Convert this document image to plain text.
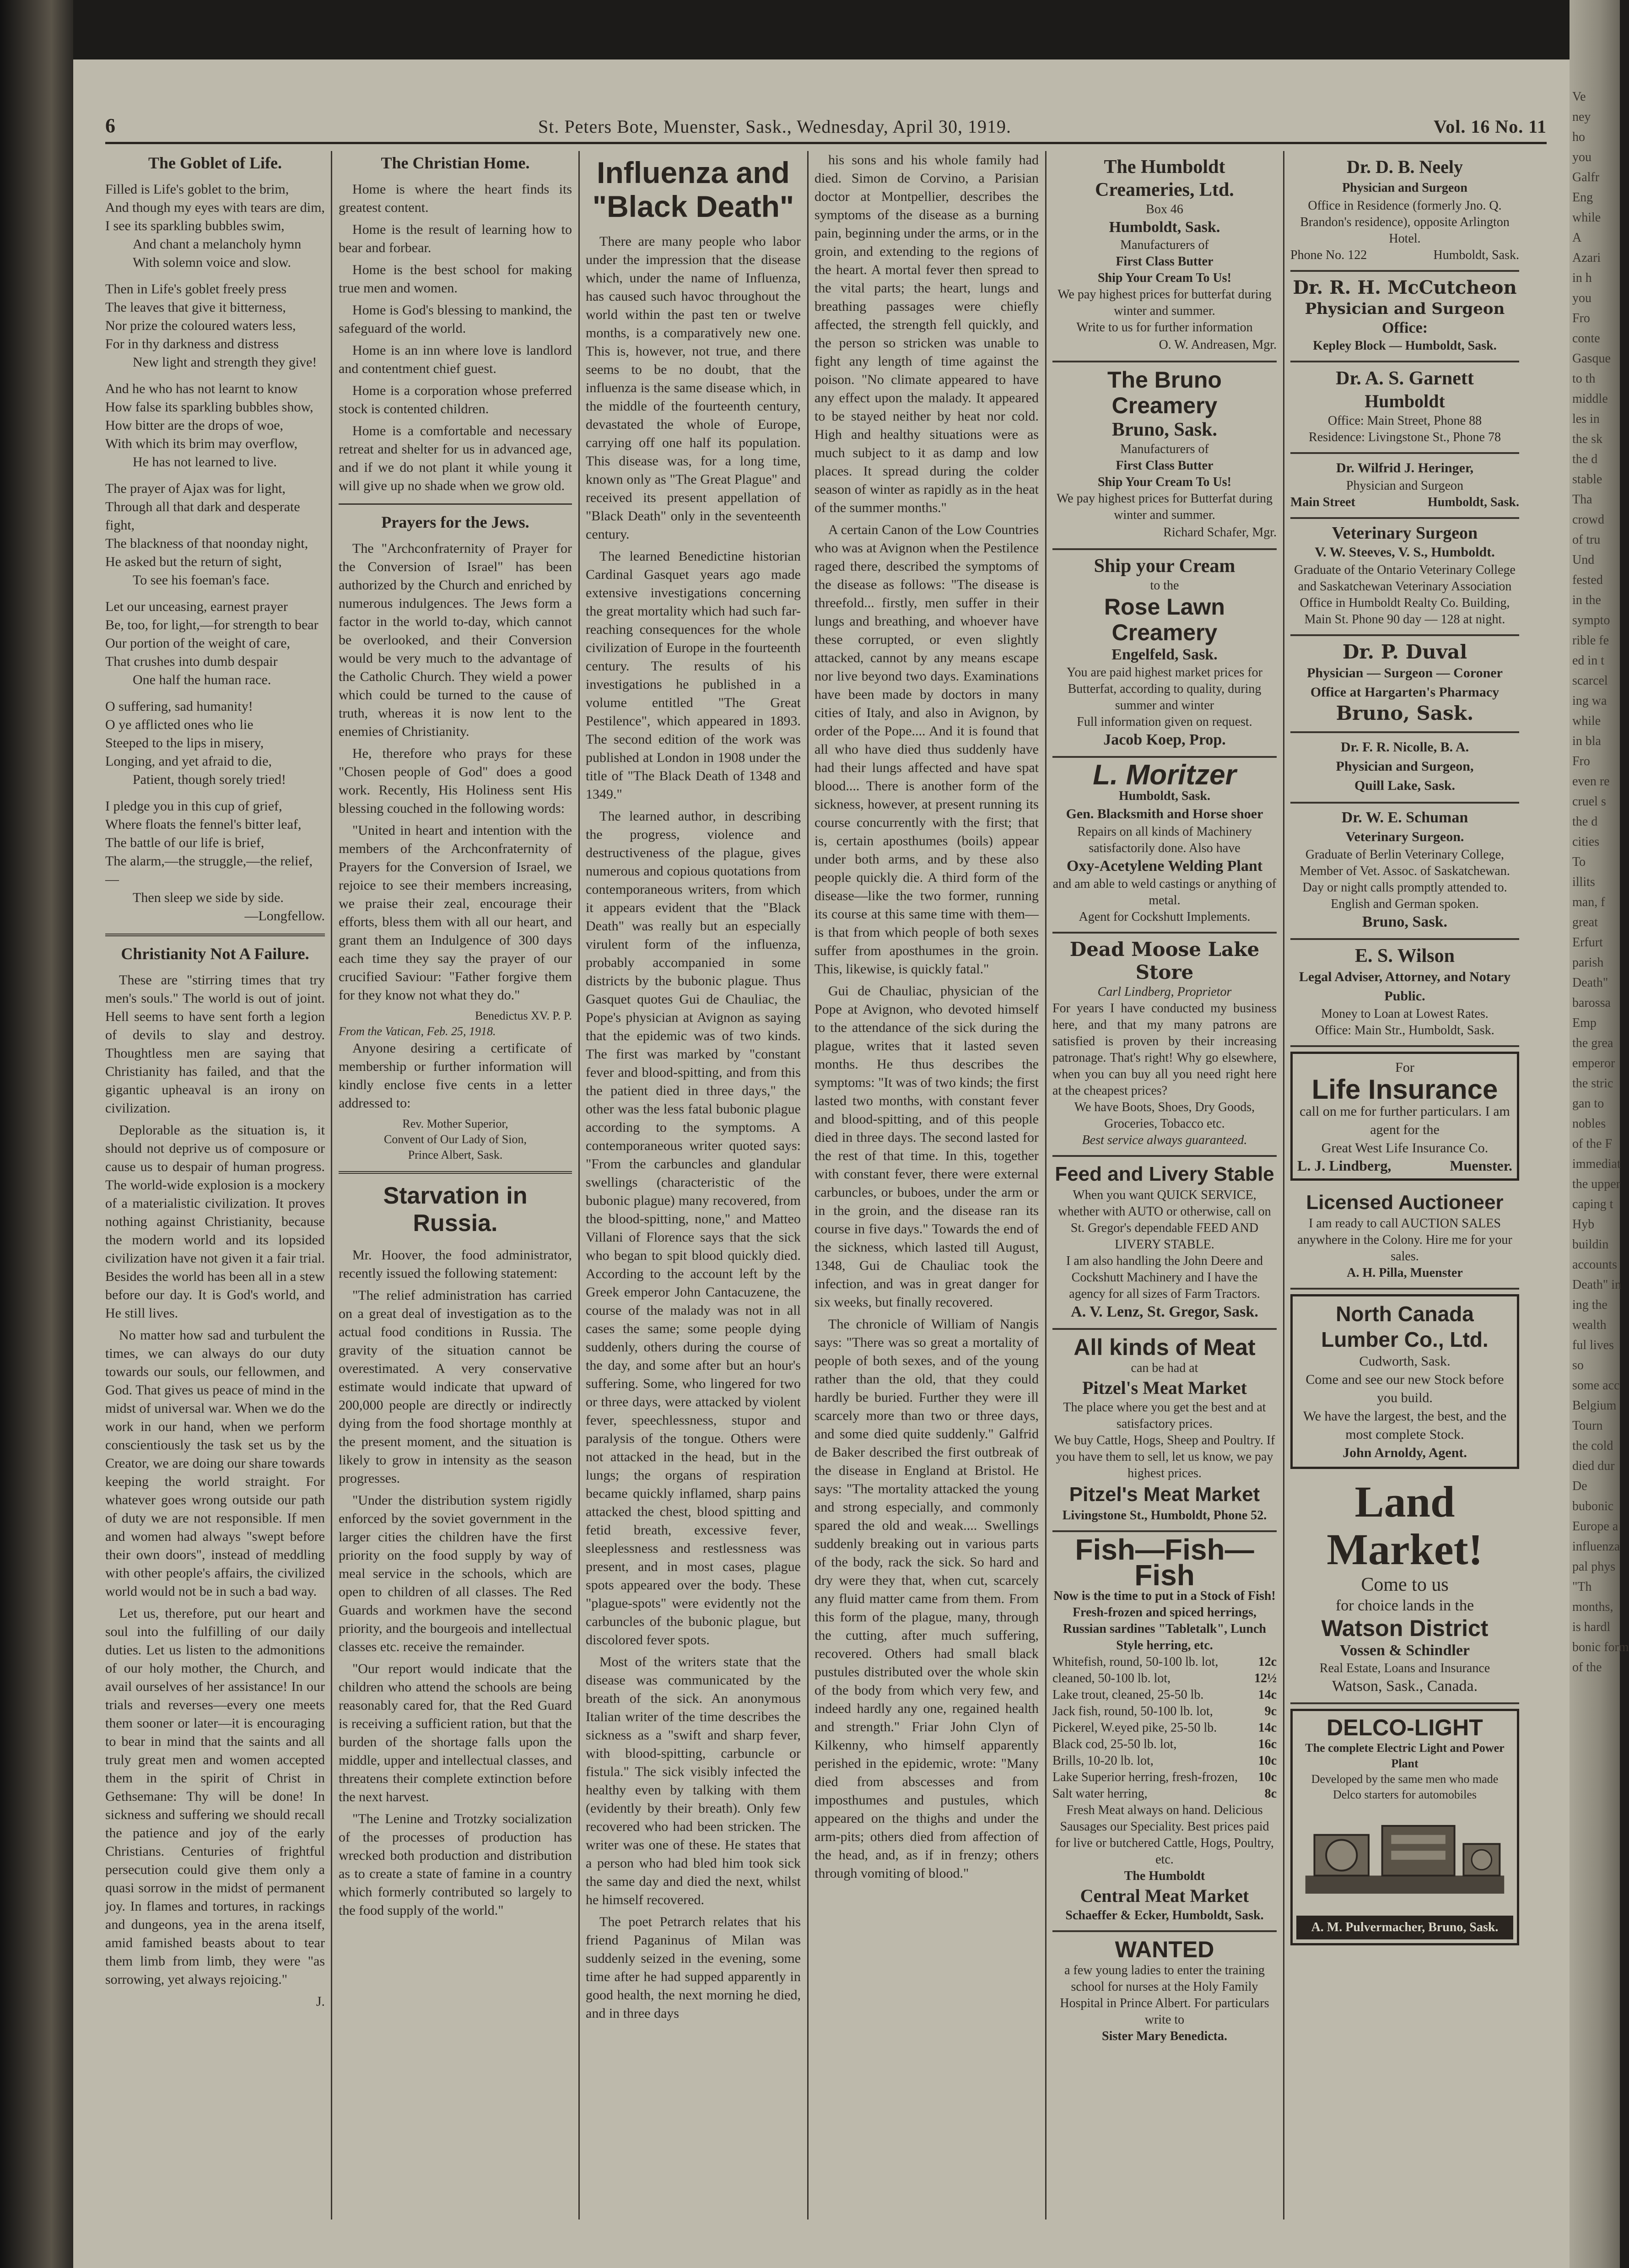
6	St. Peters Bote, Muenster, Sask., Wednesday, April 30, 1919.	Vol. 16 No. 11
The Goblet of Life.

Filled is Life's goblet to the brim,

And though my eyes with tears are dim,

I see its sparkling bubbles swim,

And chant a melancholy hymn

With solemn voice and slow.

Then in Life's goblet freely press

The leaves that give it bitterness,

Nor prize the coloured waters less,

For in thy darkness and distress

New light and strength they give!

And he who has not learnt to know

How false its sparkling bubbles show,

How bitter are the drops of woe,

With which its brim may overflow,

He has not learned to live.

The prayer of Ajax was for light,

Through all that dark and desperate fight,

The blackness of that noonday night,

He asked but the return of sight,

To see his foeman's face.

Let our unceasing, earnest prayer

Be, too, for light,—for strength to bear

Our portion of the weight of care,

That crushes into dumb despair

One half the human race.

O suffering, sad humanity!

O ye afflicted ones who lie

Steeped to the lips in misery,

Longing, and yet afraid to die,

Patient, though sorely tried!

I pledge you in this cup of grief,

Where floats the fennel's bitter leaf,

The battle of our life is brief,

The alarm,—the struggle,—the relief,—

Then sleep we side by side.

—Longfellow.
Christianity Not A Failure.

These are "stirring times that try men's souls." The world is out of joint. Hell seems to have sent forth a legion of devils to slay and destroy. Thoughtless men are saying that Christianity has failed, and that the gigantic upheaval is an irony on civilization.

Deplorable as the situation is, it should not deprive us of composure or cause us to despair of human progress. The world-wide explosion is a mockery of a materialistic civilization. It proves nothing against Christianity, because the modern world and its lopsided civilization have not given it a fair trial. Besides the world has been all in a stew before our day. It is God's world, and He still lives.

No matter how sad and turbulent the times, we can always do our duty towards our souls, our fellowmen, and God. That gives us peace of mind in the midst of universal war. When we do the work in our hand, when we perform conscientiously the task set us by the Creator, we are doing our share towards keeping the world straight. For whatever goes wrong outside our path of duty we are not responsible. If men and women had always "swept before their own doors", instead of meddling with other people's affairs, the civilized world would not be in such a bad way.

Let us, therefore, put our heart and soul into the fulfilling of our daily duties. Let us listen to the admonitions of our holy mother, the Church, and avail ourselves of her assistance! In our trials and reverses—every one meets them sooner or later—it is encouraging to bear in mind that the saints and all truly great men and women accepted them in the spirit of Christ in Gethsemane: Thy will be done! In sickness and suffering we should recall the patience and joy of the early Christians. Centuries of frightful persecution could give them only a quasi sorrow in the midst of permanent joy. In flames and tortures, in rackings and dungeons, yea in the arena itself, amid famished beasts about to tear them limb from limb, they were "as sorrowing, yet always rejoicing."

J.
The Christian Home.

Home is where the heart finds its greatest content.

Home is the result of learning how to bear and forbear.

Home is the best school for making true men and women.

Home is God's blessing to mankind, the safeguard of the world.

Home is an inn where love is landlord and contentment chief guest.

Home is a corporation whose preferred stock is contented children.

Home is a comfortable and necessary retreat and shelter for us in advanced age, and if we do not plant it while young it will give up no shade when we grow old.

Prayers for the Jews.

The "Archconfraternity of Prayer for the Conversion of Israel" has been authorized by the Church and enriched by numerous indulgences. The Jews form a factor in the world to-day, which cannot be overlooked, and their Conversion would be very much to the advantage of the Catholic Church. They wield a power which could be turned to the cause of truth, whereas it is now lent to the enemies of Christianity.

He, therefore who prays for these "Chosen people of God" does a good work. Recently, His Holiness sent His blessing couched in the following words:

"United in heart and intention with the members of the Archconfraternity of Prayers for the Conversion of Israel, we rejoice to see their members increasing, we praise their zeal, encourage their efforts, bless them with all our heart, and grant them an Indulgence of 300 days each time they say the prayer of our crucified Saviour: "Father forgive them for they know not what they do."

Benedictus XV. P. P.
From the Vatican, Feb. 25, 1918.

Anyone desiring a certificate of membership or further information will kindly enclose five cents in a letter addressed to:

Rev. Mother Superior,
Convent of Our Lady of Sion,
Prince Albert, Sask.
Starvation in Russia.

Mr. Hoover, the food administrator, recently issued the following statement:

"The relief administration has carried on a great deal of investigation as to the actual food conditions in Russia. The gravity of the situation cannot be overestimated. A very conservative estimate would indicate that upward of 200,000 people are directly or indirectly dying from the food shortage monthly at the present moment, and the situation is likely to grow in intensity as the season progresses.

"Under the distribution system rigidly enforced by the soviet government in the larger cities the children have the first priority on the food supply by way of meal service in the schools, which are open to children of all classes. The Red Guards and workmen have the second priority, and the bourgeois and intellectual classes etc. receive the remainder.

"Our report would indicate that the children who attend the schools are being reasonably cared for, that the Red Guard is receiving a sufficient ration, but that the burden of the shortage falls upon the middle, upper and intellectual classes, and threatens their complete extinction before the next harvest.

"The Lenine and Trotzky socialization of the processes of production has wrecked both production and distribution as to create a state of famine in a country which formerly contributed so largely to the food supply of the world."

Influenza and "Black Death"

There are many people who labor under the impression that the disease which, under the name of Influenza, has caused such havoc throughout the world within the past ten or twelve months, is a comparatively new one. This is, however, not true, and there seems to be no doubt, that the influenza is the same disease which, in the middle of the fourteenth century, devastated the whole of Europe, carrying off one half its population. This disease was, for a long time, known only as "The Great Plague" and received its present appellation of "Black Death" only in the seventeenth century.

The learned Benedictine historian Cardinal Gasquet years ago made extensive investigations concerning the great mortality which had such far-reaching consequences for the whole civilization of Europe in the fourteenth century. The results of his investigations he published in a volume entitled "The Great Pestilence", which appeared in 1893. The second edition of the work was published at London in 1908 under the title of "The Black Death of 1348 and 1349."

The learned author, in describing the progress, violence and destructiveness of the plague, gives numerous and copious quotations from contemporaneous writers, from which it appears evident that the "Black Death" was really but an especially virulent form of the influenza, probably accompanied in some districts by the bubonic plague. Thus Gasquet quotes Gui de Chauliac, the Pope's physician at Avignon as saying that the epidemic was of two kinds. The first was marked by "constant fever and blood-spitting, and from this the patient died in three days," the other was the less fatal bubonic plague according to the symptoms. A contemporaneous writer quoted says: "From the carbuncles and glandular swellings (characteristic of the bubonic plague) many recovered, from the blood-spitting, none," and Matteo Villani of Florence says that the sick who began to spit blood quickly died. According to the account left by the Greek emperor John Cantacuzene, the course of the malady was not in all cases the same; some people dying suddenly, others during the course of the day, and some after but an hour's suffering. Some, who lingered for two or three days, were attacked by violent fever, speechlessness, stupor and paralysis of the tongue. Others were not attacked in the head, but in the lungs; the organs of respiration became quickly inflamed, sharp pains attacked the chest, blood spitting and fetid breath, excessive fever, sleeplessness and restlessness was present, and in most cases, plague spots appeared over the body. These "plague-spots" were evidently not the carbuncles of the bubonic plague, but discolored fever spots.

Most of the writers state that the disease was communicated by the breath of the sick. An anonymous Italian writer of the time describes the sickness as a "swift and sharp fever, with blood-spitting, carbuncle or fistula." The sick visibly infected the healthy even by talking with them (evidently by their breath). Only few recovered who had been stricken. The writer was one of these. He states that a person who had bled him took sick the same day and died the next, whilst he himself recovered.

The poet Petrarch relates that his friend Paganinus of Milan was suddenly seized in the evening, some time after he had supped apparently in good health, the next morning he died, and in three days

his sons and his whole family had died. Simon de Corvino, a Parisian doctor at Montpellier, describes the symptoms of the disease as a burning pain, beginning under the arms, or in the groin, and extending to the regions of the heart. A mortal fever then spread to the vital parts; the heart, lungs and breathing passages were chiefly affected, the strength fell quickly, and the person so stricken was unable to fight any length of time against the poison. "No climate appeared to have any effect upon the malady. It appeared to be stayed neither by heat nor cold. High and healthy situations were as much subject to it as damp and low places. It spread during the colder season of winter as rapidly as in the heat of the summer months."

A certain Canon of the Low Countries who was at Avignon when the Pestilence raged there, described the symptoms of the disease as follows: "The disease is threefold... firstly, men suffer in their lungs and breathing, and whoever have these corrupted, or even slightly attacked, cannot by any means escape nor live beyond two days. Examinations have been made by doctors in many cities of Italy, and also in Avignon, by order of the Pope.... And it is found that all who have died thus suddenly have had their lungs affected and have spat blood.... There is another form of the sickness, however, at present running its course concurrently with the first; that is, certain aposthumes (boils) appear under both arms, and by these also people quickly die. A third form of the disease—like the two former, running its course at this same time with them—is that from which people of both sexes suffer from aposthumes in the groin. This, likewise, is quickly fatal."

Gui de Chauliac, physician of the Pope at Avignon, who devoted himself to the attendance of the sick during the plague, writes that it lasted seven months. He thus describes the symptoms: "It was of two kinds; the first lasted two months, with constant fever and blood-spitting, and of this people died in three days. The second lasted for the rest of that time. In this, together with constant fever, there were external carbuncles, or buboes, under the arm or in the groin, and the disease ran its course in five days." Towards the end of the sickness, which lasted till August, 1348, Gui de Chauliac took the infection, and was in great danger for six weeks, but finally recovered.

The chronicle of William of Nangis says: "There was so great a mortality of people of both sexes, and of the young rather than the old, that they could hardly be buried. Further they were ill scarcely more than two or three days, and some died quite suddenly." Galfrid de Baker described the first outbreak of the disease in England at Bristol. He says: "The mortality attacked the young and strong especially, and commonly spared the old and weak.... Swellings suddenly breaking out in various parts of the body, rack the sick. So hard and dry were they that, when cut, scarcely any fluid matter came from them. From this form of the plague, many, through the cutting, after much suffering, recovered. Others had small black pustules distributed over the whole skin of the body from which very few, and indeed hardly any one, regained health and strength." Friar John Clyn of Kilkenny, who himself apparently perished in the epidemic, wrote: "Many died from abscesses and from imposthumes and pustules, which appeared on the thighs and under the arm-pits; others died from affection of the head, and, as if in frenzy; others through vomiting of blood."

The Humboldt Creameries, Ltd.
Box 46
Humboldt, Sask.
Manufacturers of
First Class Butter
Ship Your Cream To Us!
We pay highest prices for butterfat during winter and summer.
Write to us for further information
O. W. Andreasen, Mgr.
The Bruno Creamery
Bruno, Sask.
Manufacturers of
First Class Butter
Ship Your Cream To Us!
We pay highest prices for Butterfat during winter and summer.
Richard Schafer, Mgr.
Ship your Cream
to the
Rose Lawn Creamery
Engelfeld, Sask.
You are paid highest market prices for Butterfat, according to quality, during summer and winter
Full information given on request.
Jacob Koep, Prop.
L. Moritzer
Humboldt, Sask.
Gen. Blacksmith and Horse shoer
Repairs on all kinds of Machinery satisfactorily done. Also have
Oxy-Acetylene Welding Plant
and am able to weld castings or anything of metal.
Agent for Cockshutt Implements.
Dead Moose Lake Store
Carl Lindberg, Proprietor
For years I have conducted my business here, and that my many patrons are satisfied is proven by their increasing patronage. That's right! Why go elsewhere, when you can buy all you need right here at the cheapest prices?
We have Boots, Shoes, Dry Goods, Groceries, Tobacco etc.
Best service always guaranteed.
Feed and Livery Stable
When you want QUICK SERVICE, whether with AUTO or otherwise, call on St. Gregor's dependable FEED AND LIVERY STABLE.
I am also handling the John Deere and Cockshutt Machinery and I have the agency for all sizes of Farm Tractors.
A. V. Lenz, St. Gregor, Sask.
All kinds of Meat
can be had at
Pitzel's Meat Market
The place where you get the best and at satisfactory prices.
We buy Cattle, Hogs, Sheep and Poultry. If you have them to sell, let us know, we pay highest prices.
Pitzel's Meat Market
Livingstone St., Humboldt, Phone 52.
Fish—Fish—Fish
Now is the time to put in a Stock of Fish! Fresh-frozen and spiced herrings, Russian sardines "Tabletalk", Lunch Style herring, etc.
Whitefish, round, 50-100 lb. lot,	12c
cleaned, 50-100 lb. lot,	12½
Lake trout, cleaned, 25-50 lb.	14c
Jack fish, round, 50-100 lb. lot,	9c
Pickerel, W.eyed pike, 25-50 lb.	14c
Black cod, 25-50 lb. lot,	16c
Brills, 10-20 lb. lot,	10c
Lake Superior herring, fresh-frozen, 10c
Salt water herring,	8c
Fresh Meat always on hand. Delicious Sausages our Speciality. Best prices paid for live or butchered Cattle, Hogs, Poultry, etc.
The Humboldt
Central Meat Market
Schaeffer & Ecker, Humboldt, Sask.
WANTED
a few young ladies to enter the training school for nurses at the Holy Family Hospital in Prince Albert. For particulars write to
Sister Mary Benedicta.
Dr. D. B. Neely
Physician and Surgeon
Office in Residence (formerly Jno. Q. Brandon's residence), opposite Arlington Hotel.
Phone No. 122	Humboldt, Sask.
Dr. R. H. McCutcheon
Physician and Surgeon
Office:
Kepley Block — Humboldt, Sask.
Dr. A. S. Garnett
Humboldt
Office: Main Street, Phone 88
Residence: Livingstone St., Phone 78
Dr. Wilfrid J. Heringer,
Physician and Surgeon
Main Street	Humboldt, Sask.
Veterinary Surgeon
V. W. Steeves, V. S., Humboldt.
Graduate of the Ontario Veterinary College and Saskatchewan Veterinary Association
Office in Humboldt Realty Co. Building, Main St. Phone 90 day — 128 at night.
Dr. P. Duval
Physician — Surgeon — Coroner
Office at Hargarten's Pharmacy
Bruno, Sask.
Dr. F. R. Nicolle, B. A.
Physician and Surgeon,
Quill Lake, Sask.
Dr. W. E. Schuman
Veterinary Surgeon.
Graduate of Berlin Veterinary College, Member of Vet. Assoc. of Saskatchewan. Day or night calls promptly attended to. English and German spoken.
Bruno, Sask.
E. S. Wilson
Legal Adviser, Attorney, and Notary Public.
Money to Loan at Lowest Rates.
Office: Main Str., Humboldt, Sask.
For
Life Insurance
call on me for further particulars. I am agent for the
Great West Life Insurance Co.
L. J. Lindberg,	Muenster.
Licensed Auctioneer
I am ready to call AUCTION SALES anywhere in the Colony. Hire me for your sales.
A. H. Pilla, Muenster
North Canada Lumber Co., Ltd.
Cudworth, Sask.
Come and see our new Stock before you build.
We have the largest, the best, and the most complete Stock.
John Arnoldy, Agent.
Land
Market!
Come to us
for choice lands in the
Watson District
Vossen & Schindler
Real Estate, Loans and Insurance
Watson, Sask., Canada.
DELCO-LIGHT
The complete Electric Light and Power Plant
Developed by the same men who made Delco starters for automobiles
A. M. Pulvermacher, Bruno, Sask.
Ve
ney
ho
you
Galfr
Eng
while
A
Azari
in h
you
Fro
conte
Gasque
to th
middle
les in
the sk
the d
stable
Tha
crowd
of tru
Und
fested
in the
sympto
rible fe
ed in t
scarcel
ing wa
while
in bla
Fro
even re
cruel s
the d
cities
To
illits
man, f
great
Erfurt
parish
Death"
barossa
Emp
the grea
emperor
the stric
gan to
nobles
of the F
immediat
the upper
caping t
Hyb
buildin
accounts
Death" in
ing the
wealth
ful lives
so
some acc
Belgium
Tourn
the cold
died dur
De
bubonic
Europe a
influenza
pal phys
"Th
months,
is hardl
bonic form
of the
